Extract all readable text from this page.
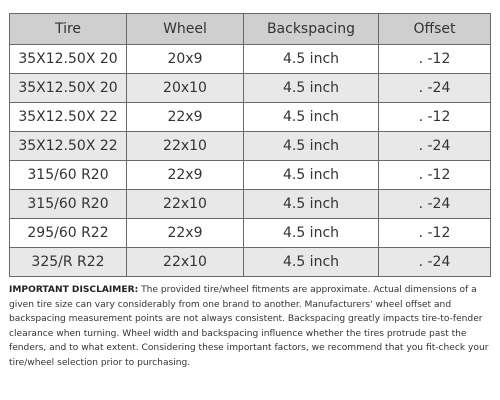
Tire	Wheel	Backspacing	Offset
35X12.50X 20	20x9	4.5 inch	. -12
35X12.50X 20	20x10	4.5 inch	. -24
35X12.50X 22	22x9	4.5 inch	. -12
35X12.50X 22	22x10	4.5 inch	. -24
315/60 R20	22x9	4.5 inch	. -12
315/60 R20	22x10	4.5 inch	. -24
295/60 R22	22x9	4.5 inch	. -12
325/R R22	22x10	4.5 inch	. -24

IMPORTANT DISCLAIMER: The provided tire/wheel fitments are approximate. Actual dimensions of a given tire size can vary considerably from one brand to another. Manufacturers' wheel offset and backspacing measurement points are not always consistent. Backspacing greatly impacts tire-to-fender clearance when turning. Wheel width and backspacing influence whether the tires protrude past the fenders, and to what extent. Considering these important factors, we recommend that you fit-check your tire/wheel selection prior to purchasing.
